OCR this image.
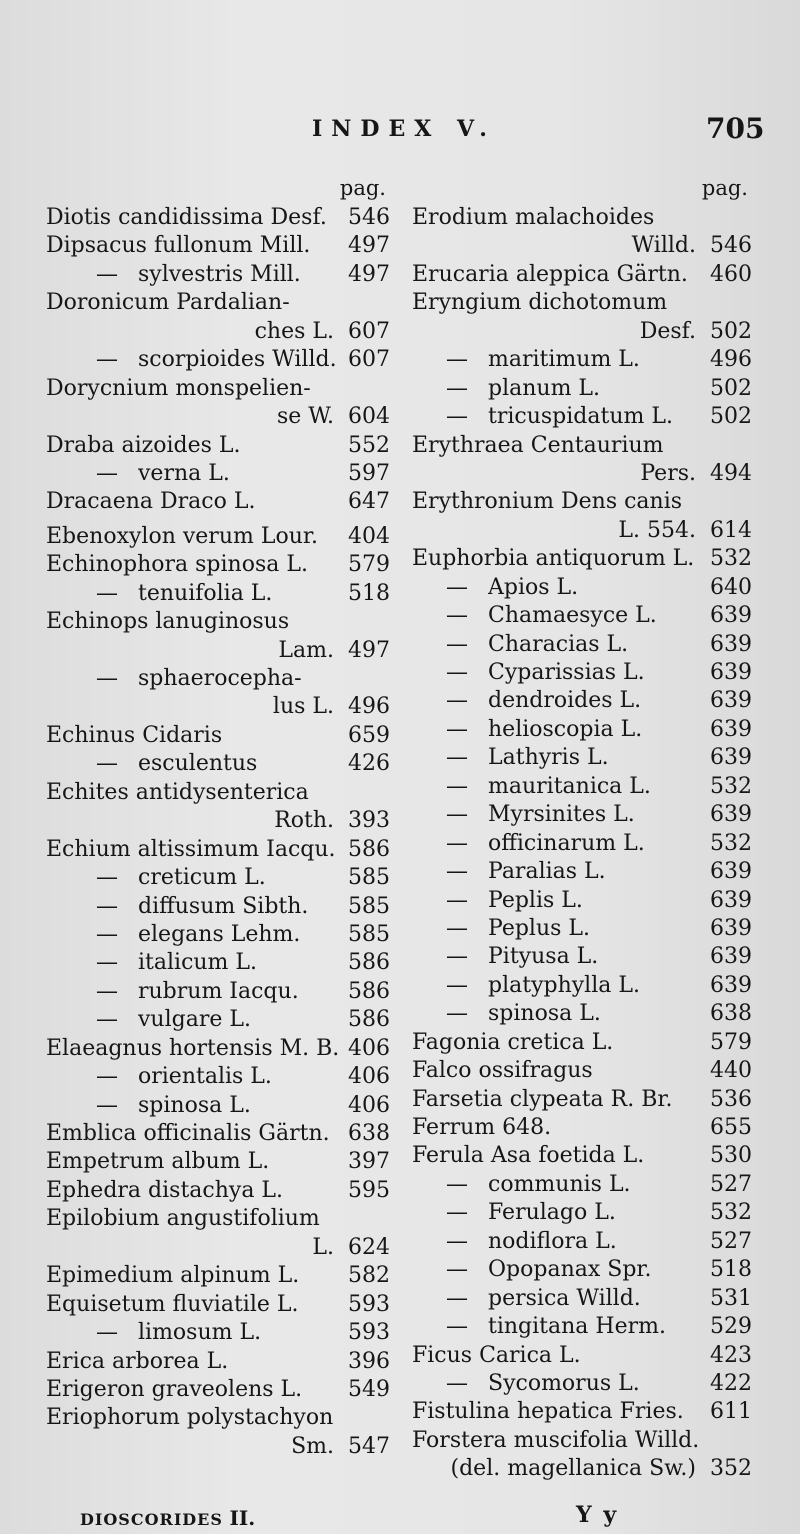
INDEX V.	705
pag.
Diotis candidissima Desf. 546
Dipsacus fullonum Mill.	497
— sylvestris Mill.	497
Doronicum Pardalian-
ches L. 607
— scorpioides Willd. 607
Dorycnium monspelien-
se W. 604
Draba aizoides L.	552
— verna L.	597
Dracaena Draco L.	647
Ebenoxylon verum Lour.	404
Echinophora spinosa L.	579
— tenuifolia L.	518
Echinops lanuginosus
Lam. 497
— sphaerocepha-
lus L. 496
Echinus Cidaris	659
— esculentus	426
Echites antidysenterica
Roth. 393
Echium altissimum Iacqu. 586
— creticum L.	585
— diffusum Sibth.	585
— elegans Lehm.	585
— italicum L.	586
— rubrum Iacqu.	586
— vulgare L.	586
Elaeagnus hortensis M. B. 406
— orientalis L.	406
— spinosa L.	406
Emblica officinalis Gärtn. 638
Empetrum album L.	397
Ephedra distachya L.	595
Epilobium angustifolium
L. 624
Epimedium alpinum L.	582
Equisetum fluviatile L.	593
— limosum L.	593
Erica arborea L.	396
Erigeron graveolens L.	549
Eriophorum polystachyon
Sm. 547
pag.
Erodium malachoides
Willd. 546
Erucaria aleppica Gärtn.	460
Eryngium dichotomum
Desf. 502
— maritimum L.	496
— planum L.	502
— tricuspidatum L.	502
Erythraea Centaurium
Pers. 494
Erythronium Dens canis
L. 554. 614
Euphorbia antiquorum L. 532
— Apios L.	640
— Chamaesyce L.	639
— Characias L.	639
— Cyparissias L.	639
— dendroides L.	639
— helioscopia L.	639
— Lathyris L.	639
— mauritanica L.	532
— Myrsinites L.	639
— officinarum L.	532
— Paralias L.	639
— Peplis L.	639
— Peplus L.	639
— Pityusa L.	639
— platyphylla L.	639
— spinosa L.	638
Fagonia cretica L.	579
Falco ossifragus	440
Farsetia clypeata R. Br.	536
Ferrum 648.	655
Ferula Asa foetida L.	530
— communis L.	527
— Ferulago L.	532
— nodiflora L.	527
— Opopanax Spr.	518
— persica Willd.	531
— tingitana Herm.	529
Ficus Carica L.	423
— Sycomorus L.	422
Fistulina hepatica Fries.	611
Forstera muscifolia Willd.
(del. magellanica Sw.) 352
DIOSCORIDES II.	Y y
